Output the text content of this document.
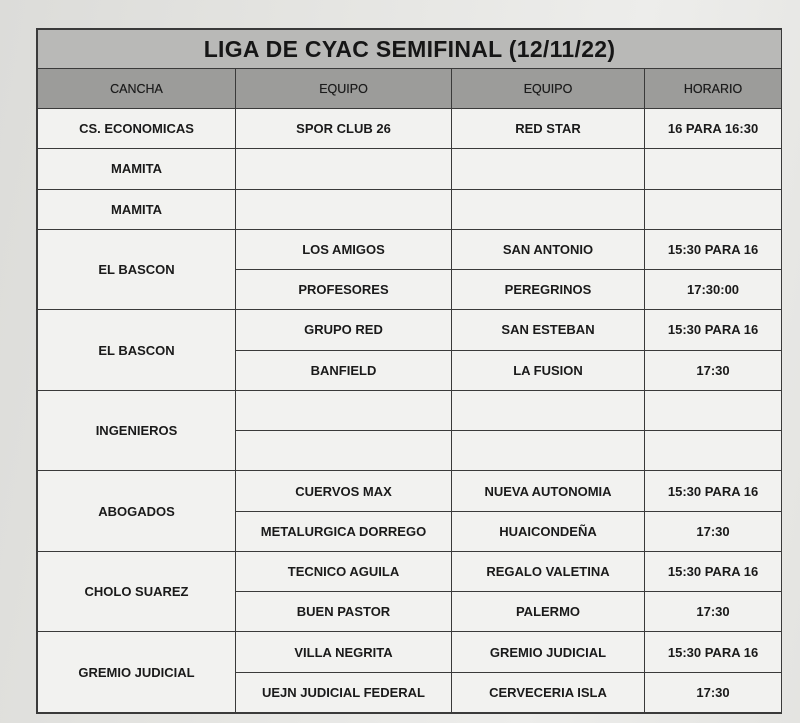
LIGA DE CYAC SEMIFINAL (12/11/22)			
CANCHA	EQUIPO	EQUIPO	HORARIO
CS. ECONOMICAS	SPOR CLUB 26	RED STAR	16 PARA 16:30
MAMITA			
MAMITA			
EL BASCON	LOS AMIGOS	SAN ANTONIO	15:30 PARA 16
	PROFESORES	PEREGRINOS	17:30:00
EL BASCON	GRUPO RED	SAN ESTEBAN	15:30 PARA 16
	BANFIELD	LA FUSION	17:30
INGENIEROS			

ABOGADOS	CUERVOS MAX	NUEVA AUTONOMIA	15:30 PARA 16
	METALURGICA DORREGO	HUAICONDEÑA	17:30
CHOLO SUAREZ	TECNICO AGUILA	REGALO VALETINA	15:30 PARA 16
	BUEN PASTOR	PALERMO	17:30
GREMIO JUDICIAL	VILLA NEGRITA	GREMIO JUDICIAL	15:30 PARA 16
	UEJN JUDICIAL FEDERAL	CERVECERIA ISLA	17:30
